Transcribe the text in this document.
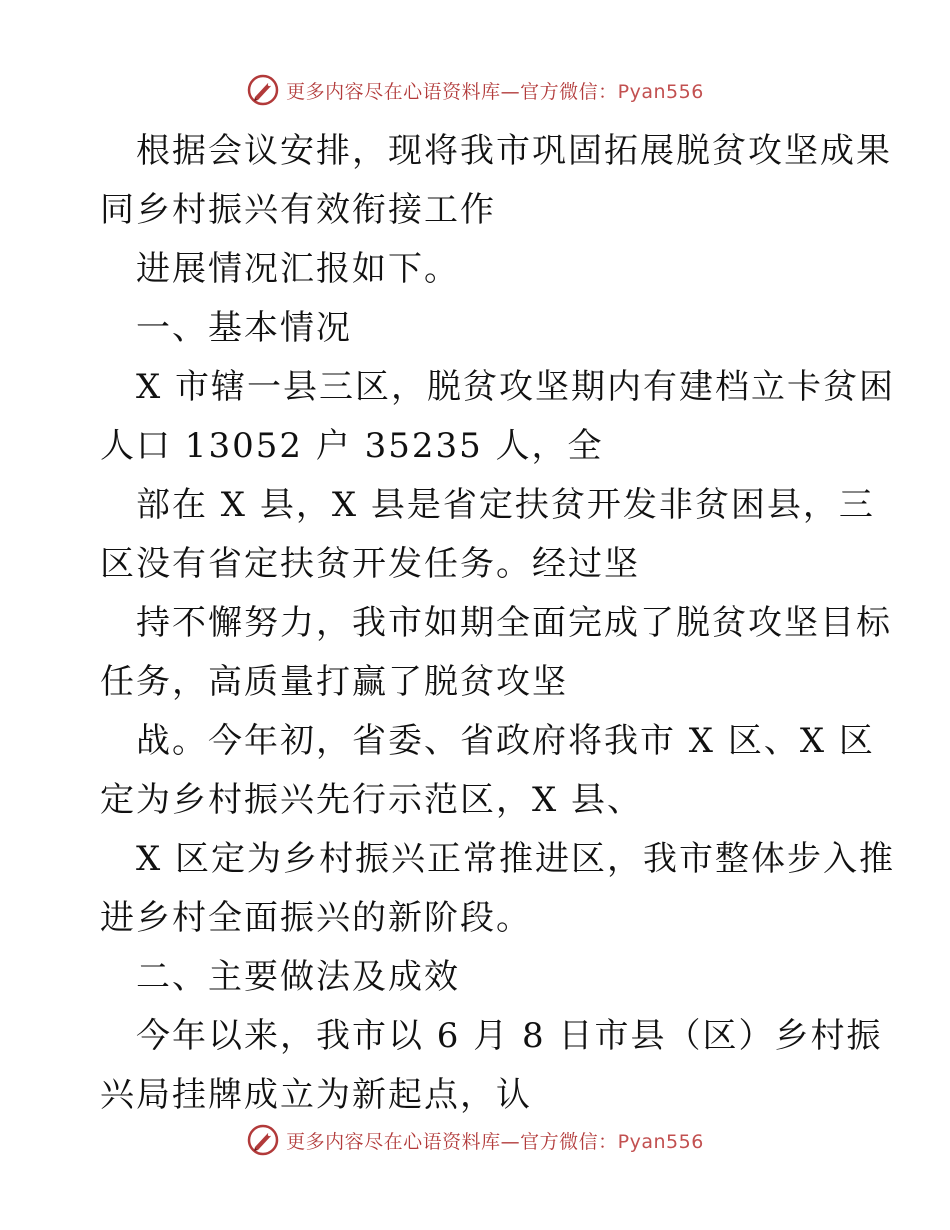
更多内容尽在心语资料库—官方微信：Pyan556
根据会议安排，现将我市巩固拓展脱贫攻坚成果
同乡村振兴有效衔接工作
进展情况汇报如下。
一、基本情况
X 市辖一县三区，脱贫攻坚期内有建档立卡贫困
人口 13052 户 35235 人，全
部在 X 县，X 县是省定扶贫开发非贫困县，三
区没有省定扶贫开发任务。经过坚
持不懈努力，我市如期全面完成了脱贫攻坚目标
任务，高质量打赢了脱贫攻坚
战。今年初，省委、省政府将我市 X 区、X 区
定为乡村振兴先行示范区，X 县、
X 区定为乡村振兴正常推进区，我市整体步入推
进乡村全面振兴的新阶段。
二、主要做法及成效
今年以来，我市以 6 月 8 日市县（区）乡村振
兴局挂牌成立为新起点，认
更多内容尽在心语资料库—官方微信：Pyan556
